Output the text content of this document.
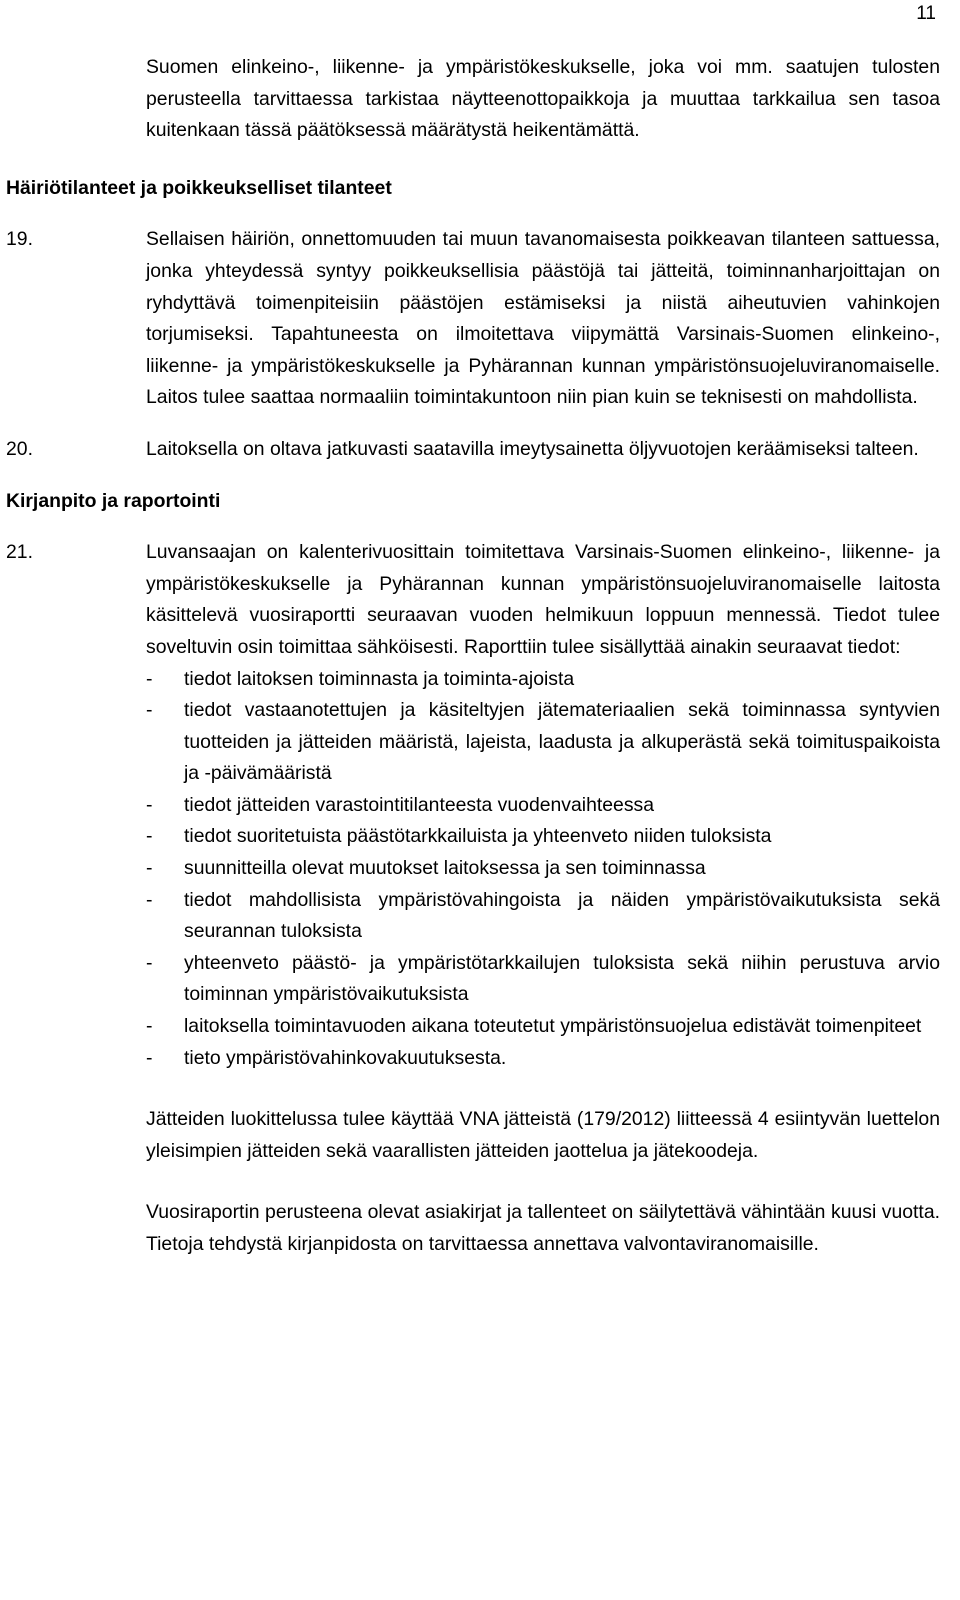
11

Suomen elinkeino-, liikenne- ja ympäristökeskukselle, joka voi mm. saatujen tulosten perusteella tarvittaessa tarkistaa näytteenottopaikkoja ja muuttaa tarkkailua sen tasoa kuitenkaan tässä päätöksessä määrätystä heikentämättä.

Häiriötilanteet ja poikkeukselliset tilanteet
19.	Sellaisen häiriön, onnettomuuden tai muun tavanomaisesta poikkeavan tilanteen sattuessa, jonka yhteydessä syntyy poikkeuksellisia päästöjä tai jätteitä, toiminnanharjoittajan on ryhdyttävä toimenpiteisiin päästöjen estämiseksi ja niistä aiheutuvien vahinkojen torjumiseksi. Tapahtuneesta on ilmoitettava viipymättä Varsinais-Suomen elinkeino-, liikenne- ja ympäristökeskukselle ja Pyhärannan kunnan ympäristönsuojeluviranomaiselle. Laitos tulee saattaa normaaliin toimintakuntoon niin pian kuin se teknisesti on mahdollista.
20.	Laitoksella on oltava jatkuvasti saatavilla imeytysainetta öljyvuotojen keräämiseksi talteen.
Kirjanpito ja raportointi
21.	Luvansaajan on kalenterivuosittain toimitettava Varsinais-Suomen elinkeino-, liikenne- ja ympäristökeskukselle ja Pyhärannan kunnan ympäristönsuojeluviranomaiselle laitosta käsittelevä vuosiraportti seuraavan vuoden helmikuun loppuun mennessä. Tiedot tulee soveltuvin osin toimittaa sähköisesti. Raporttiin tulee sisällyttää ainakin seuraavat tiedot:

-	tiedot laitoksen toiminnasta ja toiminta-ajoista
-	tiedot vastaanotettujen ja käsiteltyjen jätemateriaalien sekä toiminnassa syntyvien tuotteiden ja jätteiden määristä, lajeista, laadusta ja alkuperästä sekä toimituspaikoista ja -päivämääristä
-	tiedot jätteiden varastointitilanteesta vuodenvaihteessa
-	tiedot suoritetuista päästötarkkailuista ja yhteenveto niiden tuloksista
-	suunnitteilla olevat muutokset laitoksessa ja sen toiminnassa
-	tiedot mahdollisista ympäristövahingoista ja näiden ympäristövaikutuksista sekä seurannan tuloksista
-	yhteenveto päästö- ja ympäristötarkkailujen tuloksista sekä niihin perustuva arvio toiminnan ympäristövaikutuksista
-	laitoksella toimintavuoden aikana toteutetut ympäristönsuojelua edistävät toimenpiteet
-	tieto ympäristövahinkovakuutuksesta.

Jätteiden luokittelussa tulee käyttää VNA jätteistä (179/2012) liitteessä 4 esiintyvän luettelon yleisimpien jätteiden sekä vaarallisten jätteiden jaottelua ja jätekoodeja.

Vuosiraportin perusteena olevat asiakirjat ja tallenteet on säilytettävä vähintään kuusi vuotta. Tietoja tehdystä kirjanpidosta on tarvittaessa annettava valvontaviranomaisille.
